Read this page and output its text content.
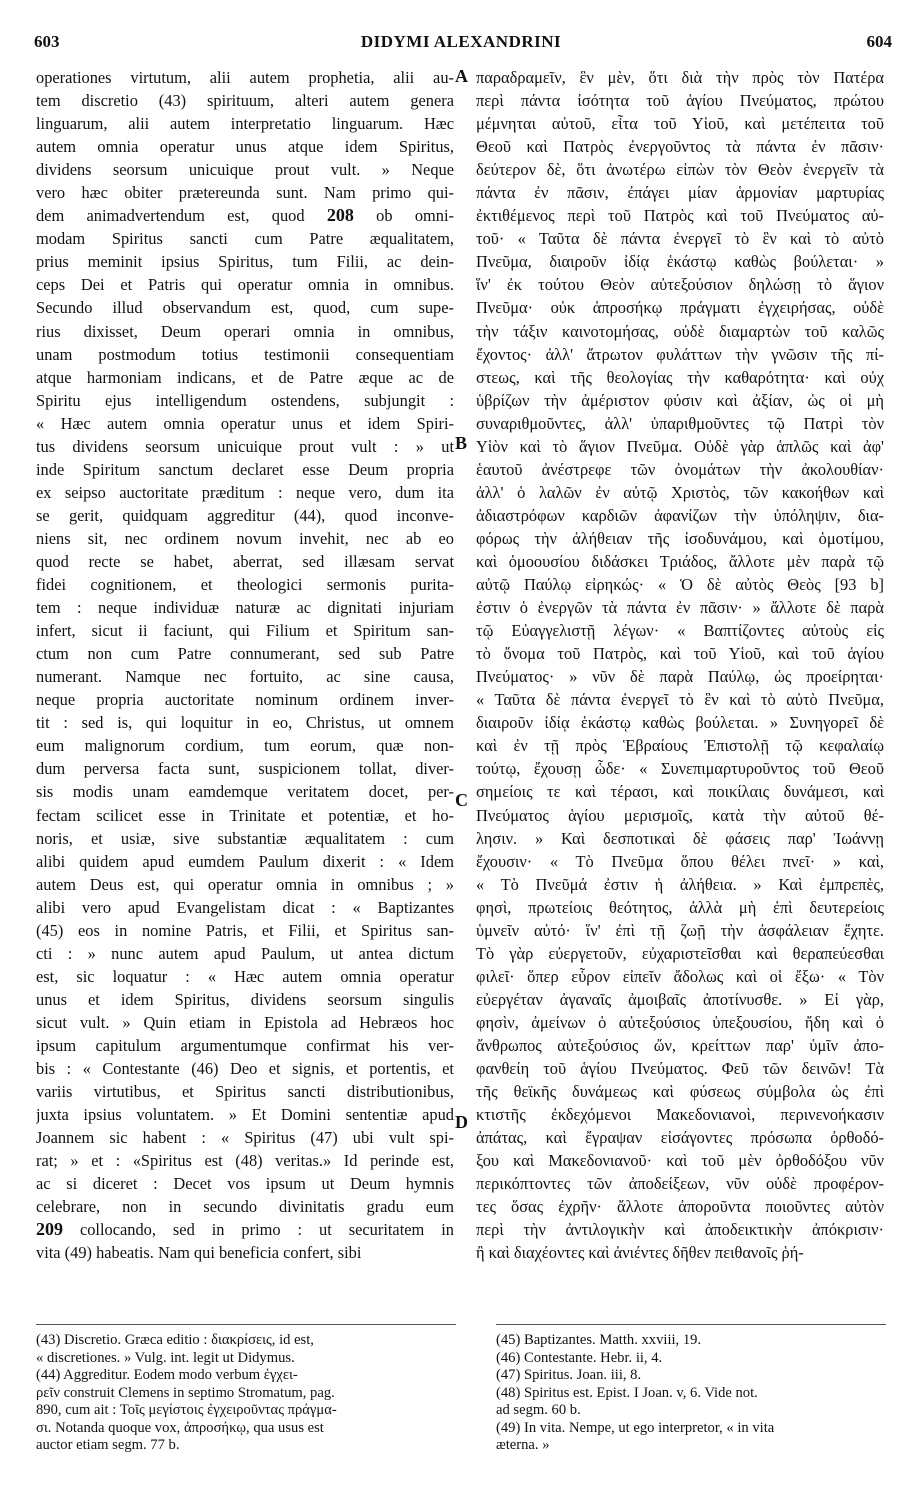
603	DIDYMI ALEXANDRINI	604
operationes virtutum, alii autem prophetia, alii au-
tem discretio (43) spirituum, alteri autem genera
linguarum, alii autem interpretatio linguarum. Hæc
autem omnia operatur unus atque idem Spiritus,
dividens seorsum unicuique prout vult. » Neque
vero hæc obiter prætereunda sunt. Nam primo qui-
dem animadvertendum est, quod 208 ob omni-
modam Spiritus sancti cum Patre æqualitatem,
prius meminit ipsius Spiritus, tum Filii, ac dein-
ceps Dei et Patris qui operatur omnia in omnibus.
Secundo illud observandum est, quod, cum supe-
rius dixisset, Deum operari omnia in omnibus,
unam postmodum totius testimonii consequentiam
atque harmoniam indicans, et de Patre æque ac de
Spiritu ejus intelligendum ostendens, subjungit :
« Hæc autem omnia operatur unus et idem Spiri-
tus dividens seorsum unicuique prout vult : » ut
inde Spiritum sanctum declaret esse Deum propria
ex seipso auctoritate præditum : neque vero, dum ita
se gerit, quidquam aggreditur (44), quod inconve-
niens sit, nec ordinem novum invehit, nec ab eo
quod recte se habet, aberrat, sed illæsam servat
fidei cognitionem, et theologici sermonis purita-
tem : neque individuæ naturæ ac dignitati injuriam
infert, sicut ii faciunt, qui Filium et Spiritum san-
ctum non cum Patre connumerant, sed sub Patre
numerant. Namque nec fortuito, ac sine causa,
neque propria auctoritate nominum ordinem inver-
tit : sed is, qui loquitur in eo, Christus, ut omnem
eum malignorum cordium, tum eorum, quæ non-
dum perversa facta sunt, suspicionem tollat, diver-
sis modis unam eamdemque veritatem docet, per-
fectam scilicet esse in Trinitate et potentiæ, et ho-
noris, et usiæ, sive substantiæ æqualitatem : cum
alibi quidem apud eumdem Paulum dixerit : « Idem
autem Deus est, qui operatur omnia in omnibus ; »
alibi vero apud Evangelistam dicat : « Baptizantes
(45) eos in nomine Patris, et Filii, et Spiritus san-
cti : » nunc autem apud Paulum, ut antea dictum
est, sic loquatur : « Hæc autem omnia operatur
unus et idem Spiritus, dividens seorsum singulis
sicut vult. » Quin etiam in Epistola ad Hebræos hoc
ipsum capitulum argumentumque confirmat his ver-
bis : « Contestante (46) Deo et signis, et portentis, et
variis virtutibus, et Spiritus sancti distributionibus,
juxta ipsius voluntatem. » Et Domini sententiæ apud
Joannem sic habent : « Spiritus (47) ubi vult spi-
rat; » et : «Spiritus est (48) veritas.» Id perinde est,
ac si diceret : Decet vos ipsum ut Deum hymnis
celebrare, non in secundo divinitatis gradu eum
209 collocando, sed in primo : ut securitatem in
vita (49) habeatis. Nam qui beneficia confert, sibi
παραδραμεῖν, ἓν μὲν, ὅτι διὰ τὴν πρὸς τὸν Πατέρα
περὶ πάντα ἰσότητα τοῦ ἁγίου Πνεύματος, πρώτου
μέμνηται αὐτοῦ, εἶτα τοῦ Υἱοῦ, καὶ μετέπειτα τοῦ
Θεοῦ καὶ Πατρὸς ἐνεργοῦντος τὰ πάντα ἐν πᾶσιν·
δεύτερον δὲ, ὅτι ἀνωτέρω εἰπὼν τὸν Θεὸν ἐνεργεῖν τὰ
πάντα ἐν πᾶσιν, ἐπάγει μίαν ἁρμονίαν μαρτυρίας
ἐκτιθέμενος περὶ τοῦ Πατρὸς καὶ τοῦ Πνεύματος αὐ-
τοῦ· « Ταῦτα δὲ πάντα ἐνεργεῖ τὸ ἓν καὶ τὸ αὐτὸ
Πνεῦμα, διαιροῦν ἰδίᾳ ἑκάστῳ καθὼς βούλεται· »
ἵν' ἐκ τούτου Θεὸν αὐτεξούσιον δηλώσῃ τὸ ἅγιον
Πνεῦμα· οὐκ ἀπροσήκῳ πράγματι ἐγχειρήσας, οὐδὲ
τὴν τάξιν καινοτομήσας, οὐδὲ διαμαρτὼν τοῦ καλῶς
ἔχοντος· ἀλλ' ἄτρωτον φυλάττων τὴν γνῶσιν τῆς πί-
στεως, καὶ τῆς θεολογίας τὴν καθαρότητα· καὶ οὐχ
ὑβρίζων τὴν ἀμέριστον φύσιν καὶ ἀξίαν, ὡς οἱ μὴ
συναριθμοῦντες, ἀλλ' ὑπαριθμοῦντες τῷ Πατρὶ τὸν
Υἱὸν καὶ τὸ ἅγιον Πνεῦμα. Οὐδὲ γὰρ ἁπλῶς καὶ ἀφ'
ἑαυτοῦ ἀνέστρεφε τῶν ὀνομάτων τὴν ἀκολουθίαν·
ἀλλ' ὁ λαλῶν ἐν αὐτῷ Χριστὸς, τῶν κακοήθων καὶ
ἀδιαστρόφων καρδιῶν ἀφανίζων τὴν ὑπόληψιν, δια-
φόρως τὴν ἀλήθειαν τῆς ἰσοδυνάμου, καὶ ὁμοτίμου,
καὶ ὁμοουσίου διδάσκει Τριάδος, ἄλλοτε μὲν παρὰ τῷ
αὐτῷ Παύλῳ εἰρηκώς· « Ὁ δὲ αὐτὸς Θεὸς [93 b]
ἐστιν ὁ ἐνεργῶν τὰ πάντα ἐν πᾶσιν· » ἄλλοτε δὲ παρὰ
τῷ Εὐαγγελιστῇ λέγων· « Βαπτίζοντες αὐτοὺς εἰς
τὸ ὄνομα τοῦ Πατρὸς, καὶ τοῦ Υἱοῦ, καὶ τοῦ ἁγίου
Πνεύματος· » νῦν δὲ παρὰ Παύλῳ, ὡς προείρηται·
« Ταῦτα δὲ πάντα ἐνεργεῖ τὸ ἓν καὶ τὸ αὐτὸ Πνεῦμα,
διαιροῦν ἰδίᾳ ἑκάστῳ καθὼς βούλεται. » Συνηγορεῖ δὲ
καὶ ἐν τῇ πρὸς Ἑβραίους Ἐπιστολῇ τῷ κεφαλαίῳ
τούτῳ, ἔχουσῃ ὧδε· « Συνεπιμαρτυροῦντος τοῦ Θεοῦ
σημείοις τε καὶ τέρασι, καὶ ποικίλαις δυνάμεσι, καὶ
Πνεύματος ἁγίου μερισμοῖς, κατὰ τὴν αὐτοῦ θέ-
λησιν. » Καὶ δεσποτικαὶ δὲ φάσεις παρ' Ἰωάννῃ
ἔχουσιν· « Τὸ Πνεῦμα ὅπου θέλει πνεῖ· » καὶ,
« Τὸ Πνεῦμά ἐστιν ἡ ἀλήθεια. » Καὶ ἐμπρεπὲς,
φησὶ, πρωτείοις θεότητος, ἀλλὰ μὴ ἐπὶ δευτερείοις
ὑμνεῖν αὐτό· ἵν' ἐπὶ τῇ ζωῇ τὴν ἀσφάλειαν ἔχητε.
Τὸ γὰρ εὐεργετοῦν, εὐχαριστεῖσθαι καὶ θεραπεύεσθαι
φιλεῖ· ὅπερ εὗρον εἰπεῖν ἄδολως καὶ οἱ ἔξω· « Τὸν
εὐεργέταν ἀγαναῖς ἀμοιβαῖς ἀποτίνυσθε. » Εἰ γὰρ,
φησὶν, ἀμείνων ὁ αὐτεξούσιος ὑπεξουσίου, ἤδη καὶ ὁ
ἄνθρωπος αὐτεξούσιος ὤν, κρείττων παρ' ὑμῖν ἀπο-
φανθείη τοῦ ἁγίου Πνεύματος. Φεῦ τῶν δεινῶν! Τὰ
τῆς θεϊκῆς δυνάμεως καὶ φύσεως σύμβολα ὡς ἐπὶ
κτιστῆς ἐκδεχόμενοι Μακεδονιανοὶ, περινενοήκασιν
ἀπάτας, καὶ ἔγραψαν εἰσάγοντες πρόσωπα ὀρθοδό-
ξου καὶ Μακεδονιανοῦ· καὶ τοῦ μὲν ὀρθοδόξου νῦν
περικόπτοντες τῶν ἀποδείξεων, νῦν οὐδὲ προφέρον-
τες ὅσας ἐχρῆν· ἄλλοτε ἀποροῦντα ποιοῦντες αὐτὸν
περὶ τὴν ἀντιλογικὴν καὶ ἀποδεικτικὴν ἀπόκρισιν·
ἢ καὶ διαχέοντες καὶ ἀνιέντες δῆθεν πειθανοῖς ῥή-
A
B
C
D
(43) Discretio. Græca editio : διακρίσεις, id est,
« discretiones. » Vulg. int. legit ut Didymus.
(44) Aggreditur. Eodem modo verbum ἐγχει-
ρεῖν construit Clemens in septimo Stromatum, pag.
890, cum ait : Τοῖς μεγίστοις ἐγχειροῦντας πράγμα-
σι. Notanda quoque vox, ἀπροσήκῳ, qua usus est
auctor etiam segm. 77 b.
(45) Baptizantes. Matth. xxviii, 19.
(46) Contestante. Hebr. ii, 4.
(47) Spiritus. Joan. iii, 8.
(48) Spiritus est. Epist. I Joan. v, 6. Vide not.
ad segm. 60 b.
(49) In vita. Nempe, ut ego interpretor, « in vita
æterna. »
